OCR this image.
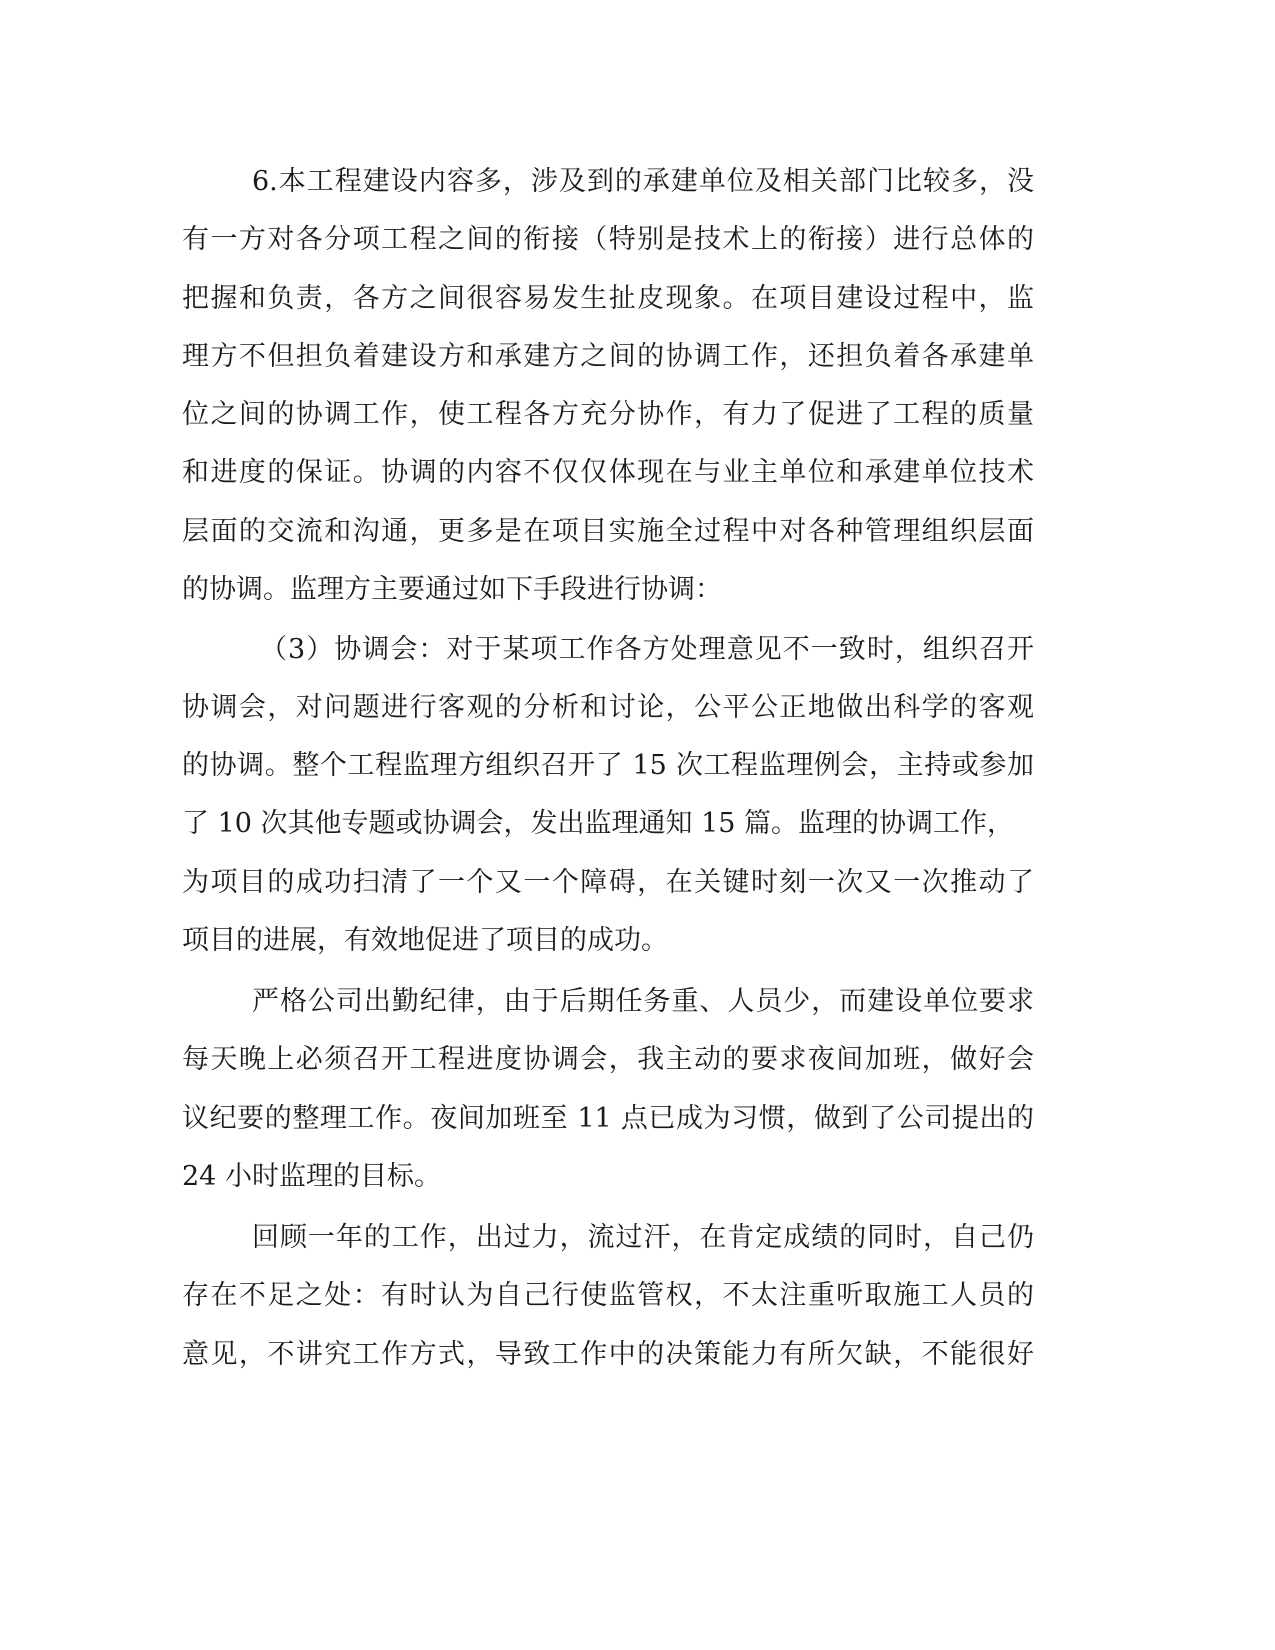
6.本工程建设内容多，涉及到的承建单位及相关部门比较多，没
有一方对各分项工程之间的衔接（特别是技术上的衔接）进行总体的
把握和负责，各方之间很容易发生扯皮现象。在项目建设过程中，监
理方不但担负着建设方和承建方之间的协调工作，还担负着各承建单
位之间的协调工作，使工程各方充分协作，有力了促进了工程的质量
和进度的保证。协调的内容不仅仅体现在与业主单位和承建单位技术
层面的交流和沟通，更多是在项目实施全过程中对各种管理组织层面
的协调。监理方主要通过如下手段进行协调：
（3）协调会：对于某项工作各方处理意见不一致时，组织召开
协调会，对问题进行客观的分析和讨论，公平公正地做出科学的客观
的协调。整个工程监理方组织召开了 15 次工程监理例会，主持或参加
了 10 次其他专题或协调会，发出监理通知 15 篇。监理的协调工作，
为项目的成功扫清了一个又一个障碍，在关键时刻一次又一次推动了
项目的进展，有效地促进了项目的成功。
严格公司出勤纪律，由于后期任务重、人员少，而建设单位要求
每天晚上必须召开工程进度协调会，我主动的要求夜间加班，做好会
议纪要的整理工作。夜间加班至 11 点已成为习惯，做到了公司提出的
24 小时监理的目标。
回顾一年的工作，出过力，流过汗，在肯定成绩的同时，自己仍
存在不足之处：有时认为自己行使监管权，不太注重听取施工人员的
意见，不讲究工作方式，导致工作中的决策能力有所欠缺，不能很好
